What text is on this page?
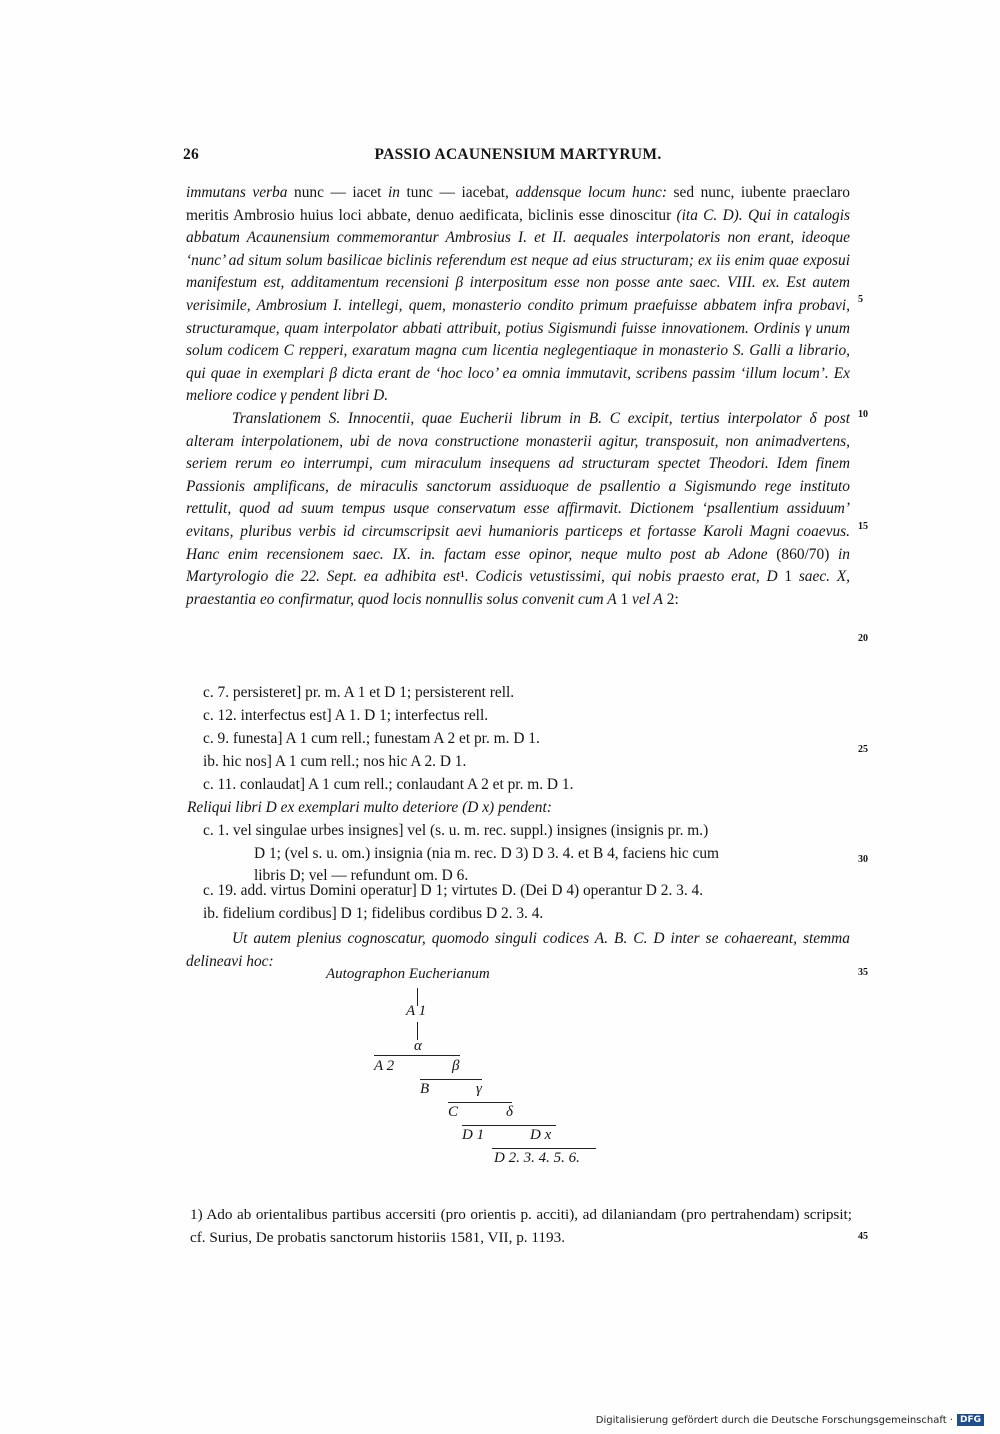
26	PASSIO ACAUNENSIUM MARTYRUM.

immutans verba nunc — iacet in tunc — iacebat, addensque locum hunc: sed nunc, iubente praeclaro meritis Ambrosio huius loci abbate, denuo aedificata, biclinis esse dinoscitur (ita C. D). Qui in catalogis abbatum Acaunensium commemorantur Ambrosius I. et II. aequales interpolatoris non erant, ideoque ‘nunc’ ad situm solum basilicae biclinis referendum est neque ad eius structuram; ex iis enim quae exposui manifestum est, additamentum recensioni β interpositum esse non posse ante saec. VIII. ex. Est autem verisimile, Ambrosium I. intellegi, quem, monasterio condito primum praefuisse abbatem infra probavi, structuramque, quam interpolator abbati attribuit, potius Sigismundi fuisse innovationem. Ordinis γ unum solum codicem C repperi, exaratum magna cum licentia neglegentiaque in monasterio S. Galli a librario, qui quae in exemplari β dicta erant de ‘hoc loco’ ea omnia immutavit, scribens passim ‘illum locum’. Ex meliore codice γ pendent libri D.

Translationem S. Innocentii, quae Eucherii librum in B. C excipit, tertius interpolator δ post alteram interpolationem, ubi de nova constructione monasterii agitur, transposuit, non animadvertens, seriem rerum eo interrumpi, cum miraculum insequens ad structuram spectet Theodori. Idem finem Passionis amplificans, de miraculis sanctorum assiduoque de psallentio a Sigismundo rege instituto rettulit, quod ad suum tempus usque conservatum esse affirmavit. Dictionem ‘psallentium assiduum’ evitans, pluribus verbis id circumscripsit aevi humanioris particeps et fortasse Karoli Magni coaevus. Hanc enim recensionem saec. IX. in. factam esse opinor, neque multo post ab Adone (860/70) in Martyrologio die 22. Sept. ea adhibita est¹. Codicis vetustissimi, qui nobis praesto erat, D 1 saec. X, praestantia eo confirmatur, quod locis nonnullis solus convenit cum A 1 vel A 2:

c. 7. persisteret] pr. m. A 1 et D 1; persisterent rell.
c. 12. interfectus est] A 1. D 1; interfectus rell.
c. 9. funesta] A 1 cum rell.; funestam A 2 et pr. m. D 1.
ib. hic nos] A 1 cum rell.; nos hic A 2. D 1.
c. 11. conlaudat] A 1 cum rell.; conlaudant A 2 et pr. m. D 1.
Reliqui libri D ex exemplari multo deteriore (D x) pendent:
c. 1. vel singulae urbes insignes] vel (s. u. m. rec. suppl.) insignes (insignis pr. m.)
D 1; (vel s. u. om.) insignia (nia m. rec. D 3) D 3. 4. et B 4, faciens hic cum
libris D; vel — refundunt om. D 6.
c. 19. add. virtus Domini operatur] D 1; virtutes D. (Dei D 4) operantur D 2. 3. 4.
ib. fidelium cordibus] D 1; fidelibus cordibus D 2. 3. 4.
Ut autem plenius cognoscatur, quomodo singuli codices A. B. C. D inter se cohaereant, stemma delineavi hoc:
Autographon Eucherianum
A 1
α
A 2	β
B	γ
C	δ
D 1	D x
D 2. 3. 4. 5. 6.
5
10
15
20
25
30
35
45

1) Ado ab orientalibus partibus accersiti (pro orientis p. acciti), ad dilaniandam (pro pertrahendam) scripsit; cf. Surius, De probatis sanctorum historiis 1581, VII, p. 1193.

Digitalisierung gefördert durch die Deutsche Forschungsgemeinschaft · DFG
